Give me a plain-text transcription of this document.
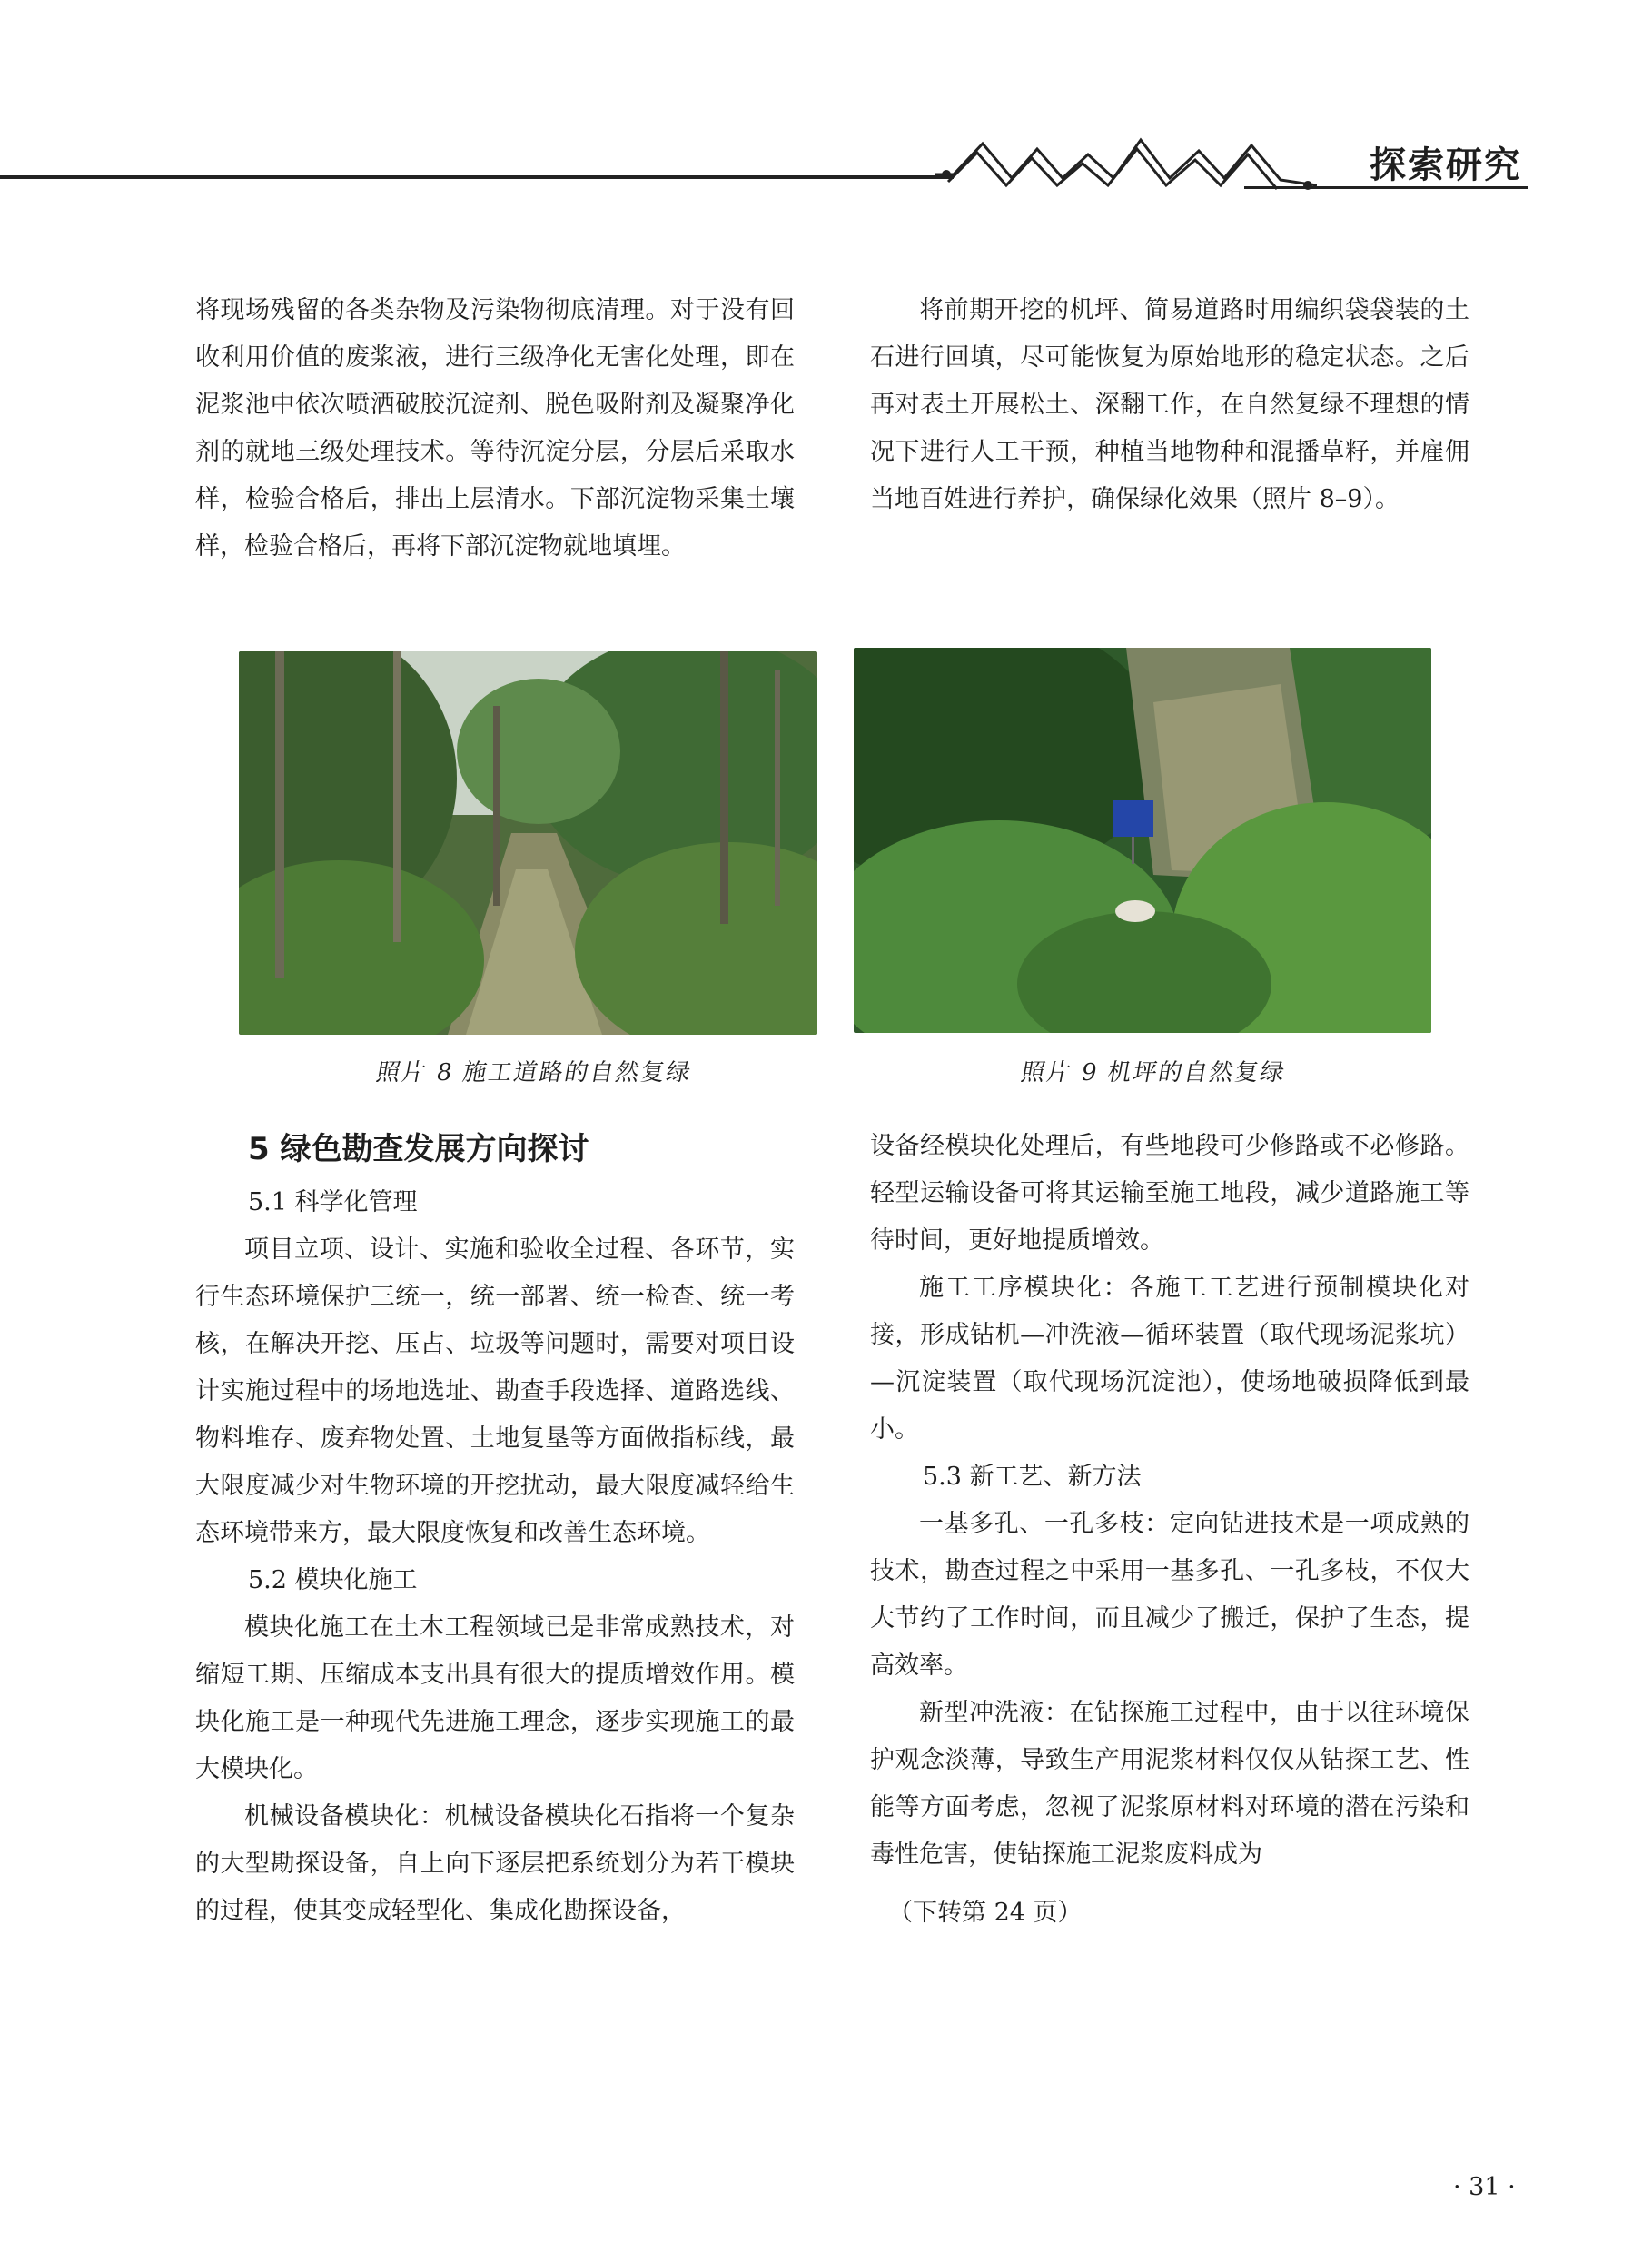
探索研究

将现场残留的各类杂物及污染物彻底清理。对于没有回收利用价值的废浆液，进行三级净化无害化处理，即在泥浆池中依次喷洒破胶沉淀剂、脱色吸附剂及凝聚净化剂的就地三级处理技术。等待沉淀分层，分层后采取水样，检验合格后，排出上层清水。下部沉淀物采集土壤样，检验合格后，再将下部沉淀物就地填埋。

将前期开挖的机坪、简易道路时用编织袋袋装的土石进行回填，尽可能恢复为原始地形的稳定状态。之后再对表土开展松土、深翻工作，在自然复绿不理想的情况下进行人工干预，种植当地物种和混播草籽，并雇佣当地百姓进行养护，确保绿化效果（照片 8–9）。

照片 8 施工道路的自然复绿	照片 9 机坪的自然复绿
5 绿色勘查发展方向探讨

5.1 科学化管理

项目立项、设计、实施和验收全过程、各环节，实行生态环境保护三统一，统一部署、统一检查、统一考核，在解决开挖、压占、垃圾等问题时，需要对项目设计实施过程中的场地选址、勘查手段选择、道路选线、物料堆存、废弃物处置、土地复垦等方面做指标线，最大限度减少对生物环境的开挖扰动，最大限度减轻给生态环境带来方，最大限度恢复和改善生态环境。

5.2 模块化施工

模块化施工在土木工程领域已是非常成熟技术，对缩短工期、压缩成本支出具有很大的提质增效作用。模块化施工是一种现代先进施工理念，逐步实现施工的最大模块化。

机械设备模块化：机械设备模块化石指将一个复杂的大型勘探设备，自上向下逐层把系统划分为若干模块的过程，使其变成轻型化、集成化勘探设备，

设备经模块化处理后，有些地段可少修路或不必修路。轻型运输设备可将其运输至施工地段，减少道路施工等待时间，更好地提质增效。

施工工序模块化：各施工工艺进行预制模块化对接，形成钻机—冲洗液—循环装置（取代现场泥浆坑）—沉淀装置（取代现场沉淀池），使场地破损降低到最小。

5.3 新工艺、新方法

一基多孔、一孔多枝：定向钻进技术是一项成熟的技术，勘查过程之中采用一基多孔、一孔多枝，不仅大大节约了工作时间，而且减少了搬迁，保护了生态，提高效率。

新型冲洗液：在钻探施工过程中，由于以往环境保护观念淡薄，导致生产用泥浆材料仅仅从钻探工艺、性能等方面考虑，忽视了泥浆原材料对环境的潜在污染和毒性危害，使钻探施工泥浆废料成为

（下转第 24 页）

· 31 ·
